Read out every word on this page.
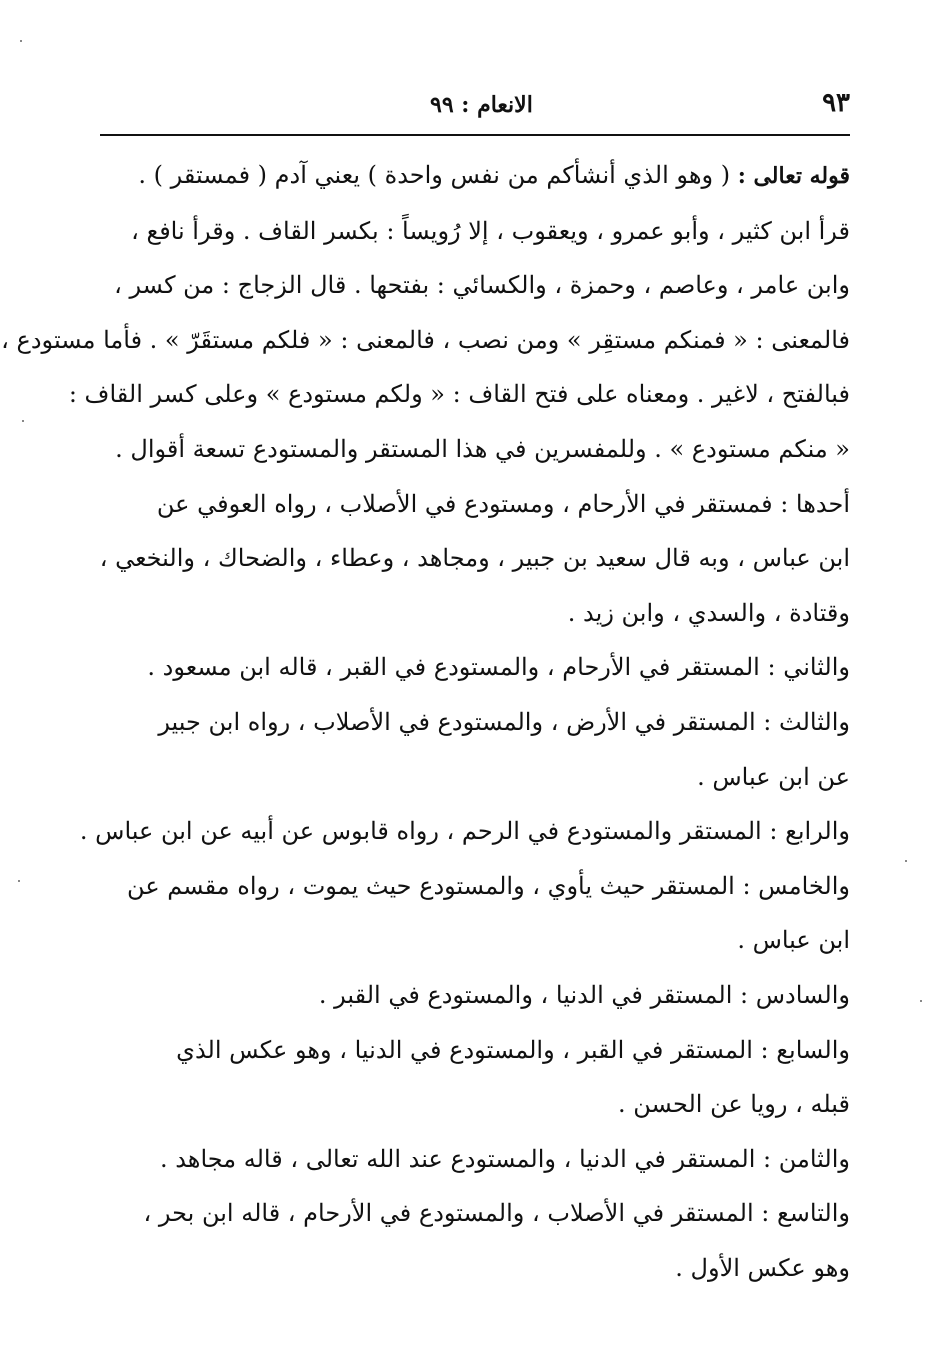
الانعام : ٩٩	٩٣
قوله تعالى : ( وهو الذي أنشأكم من نفس واحدة ) يعني آدم ( فمستقر ) .
قرأ ابن كثير ، وأبو عمرو ، ويعقوب ، إلا رُويساً : بكسر القاف . وقرأ نافع ،
وابن عامر ، وعاصم ، وحمزة ، والكسائي : بفتحها . قال الزجاج : من كسر ،
فالمعنى : « فمنكم مستقِر » ومن نصب ، فالمعنى : « فلكم مستقَرّ » . فأما مستودع ،
فبالفتح ، لاغير . ومعناه على فتح القاف : « ولكم مستودع » وعلى كسر القاف :
« منكم مستودع » . وللمفسرين في هذا المستقر والمستودع تسعة أقوال .
أحدها : فمستقر في الأرحام ، ومستودع في الأصلاب ، رواه العوفي عن
ابن عباس ، وبه قال سعيد بن جبير ، ومجاهد ، وعطاء ، والضحاك ، والنخعي ،
وقتادة ، والسدي ، وابن زيد .
والثاني : المستقر في الأرحام ، والمستودع في القبر ، قاله ابن مسعود .
والثالث : المستقر في الأرض ، والمستودع في الأصلاب ، رواه ابن جبير
عن ابن عباس .
والرابع : المستقر والمستودع في الرحم ، رواه قابوس عن أبيه عن ابن عباس .
والخامس : المستقر حيث يأوي ، والمستودع حيث يموت ، رواه مقسم عن
ابن عباس .
والسادس : المستقر في الدنيا ، والمستودع في القبر .
والسابع : المستقر في القبر ، والمستودع في الدنيا ، وهو عكس الذي
قبله ، رويا عن الحسن .
والثامن : المستقر في الدنيا ، والمستودع عند الله تعالى ، قاله مجاهد .
والتاسع : المستقر في الأصلاب ، والمستودع في الأرحام ، قاله ابن بحر ،
وهو عكس الأول .
